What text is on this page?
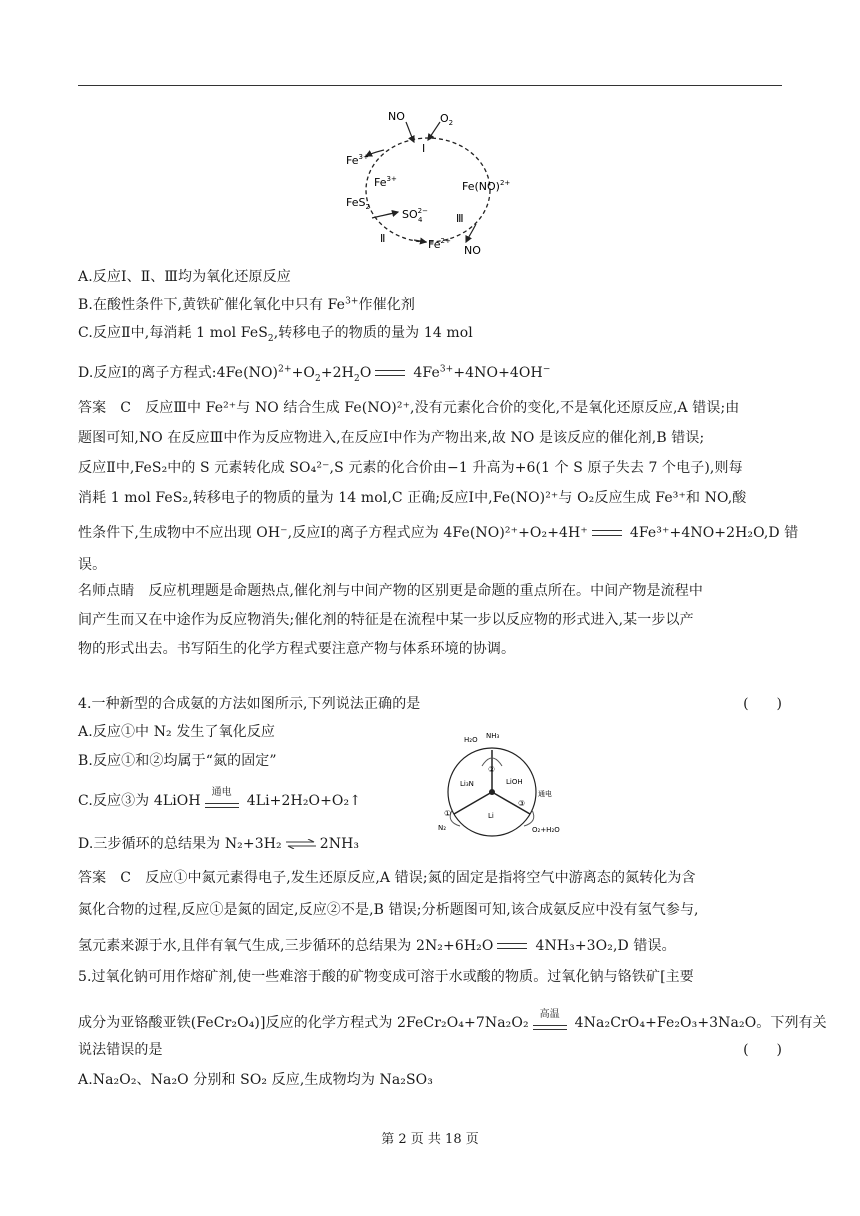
NO	$O_2$
Ⅰ
$Fe^{3+}$
$Fe^{3+}$
FeS$_2$
$SO^{2-}$ 4
Ⅱ	$Fe^{2+}$
Fe(NO)$^{2+}$
Ⅲ
NO
A.反应Ⅰ、Ⅱ、Ⅲ均为氧化还原反应
B.在酸性条件下,黄铁矿催化氧化中只有 $Fe^{3+}$作催化剂
C.反应Ⅱ中,每消耗 1 mol FeS$_2$,转移电子的物质的量为 14 mol
D.反应Ⅰ的离子方程式$:4Fe(NO)^{2+}+O_2+2H_2O$	$4Fe^{3+}+4NO+4OH^-$
答案　C　反应Ⅲ中 Fe²⁺与 NO 结合生成 Fe(NO)²⁺,没有元素化合价的变化,不是氧化还原反应,A 错误;由
题图可知,NO 在反应Ⅲ中作为反应物进入,在反应Ⅰ中作为产物出来,故 NO 是该反应的催化剂,B 错误;
反应Ⅱ中,FeS₂中的 S 元素转化成 SO₄²⁻,S 元素的化合价由−1 升高为+6(1 个 S 原子失去 7 个电子),则每
消耗 1 mol FeS₂,转移电子的物质的量为 14 mol,C 正确;反应Ⅰ中,Fe(NO)²⁺与 O₂反应生成 Fe³⁺和 NO,酸
性条件下,生成物中不应出现 OH⁻,反应Ⅰ的离子方程式应为 4Fe(NO)²⁺+O₂+4H⁺	4Fe³⁺+4NO+2H₂O,D 错
误。
名师点睛　反应机理题是命题热点,催化剂与中间产物的区别更是命题的重点所在。中间产物是流程中
间产生而又在中途作为反应物消失;催化剂的特征是在流程中某一步以反应物的形式进入,某一步以产
物的形式出去。书写陌生的化学方程式要注意产物与体系环境的协调。
4.一种新型的合成氨的方法如图所示,下列说法正确的是	(　　)
A.反应①中 N₂ 发生了氧化反应
B.反应①和②均属于“氮的固定”
C.反应③为 4LiOH
通电
4Li+2H₂O+O₂↑
D.三步循环的总结果为 N₂+3H₂ ⇌ 2NH₃
H₂O NH₃
Li₃N	LiOH
Li
N₂	O₂+H₂O
通电
①
②
③
答案　C　反应①中氮元素得电子,发生还原反应,A 错误;氮的固定是指将空气中游离态的氮转化为含
氮化合物的过程,反应①是氮的固定,反应②不是,B 错误;分析题图可知,该合成氨反应中没有氢气参与,
氢元素来源于水,且伴有氧气生成,三步循环的总结果为 2N₂+6H₂O	4NH₃+3O₂,D 错误。
5.过氧化钠可用作熔矿剂,使一些难溶于酸的矿物变成可溶于水或酸的物质。过氧化钠与铬铁矿[主要
成分为亚铬酸亚铁(FeCr₂O₄)]反应的化学方程式为 2FeCr₂O₄+7Na₂O₂
高温
4Na₂CrO₄+Fe₂O₃+3Na₂O。下列有关
说法错误的是	(　　)
A.Na₂O₂、Na₂O 分别和 SO₂ 反应,生成物均为 Na₂SO₃
第 2 页 共 18 页
